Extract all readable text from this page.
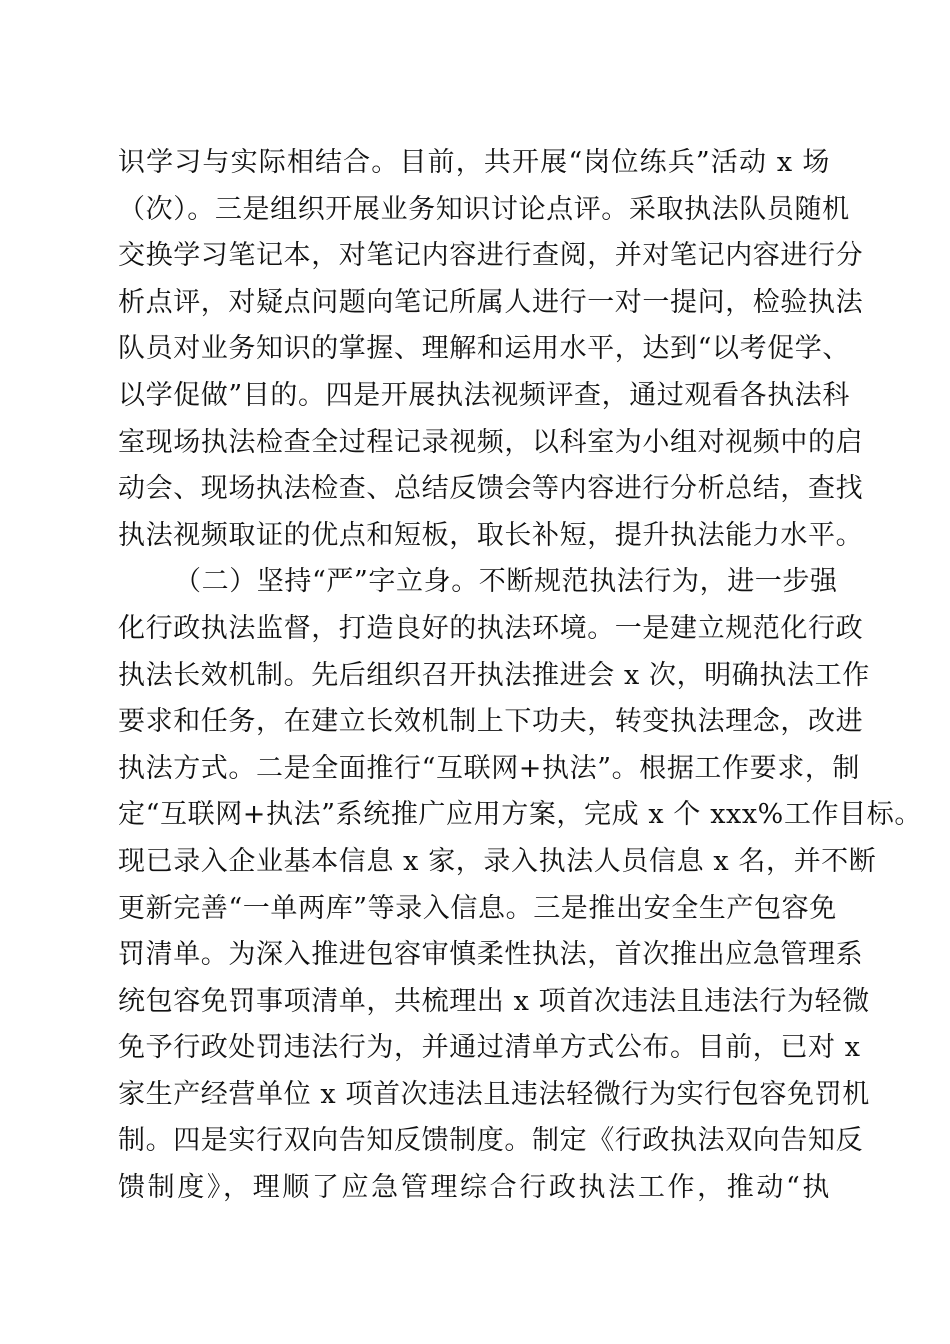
识学习与实际相结合。目前，共开展“岗位练兵”活动 x 场
（次）。三是组织开展业务知识讨论点评。采取执法队员随机
交换学习笔记本，对笔记内容进行查阅，并对笔记内容进行分
析点评，对疑点问题向笔记所属人进行一对一提问，检验执法
队员对业务知识的掌握、理解和运用水平，达到“以考促学、
以学促做”目的。四是开展执法视频评查，通过观看各执法科
室现场执法检查全过程记录视频，以科室为小组对视频中的启
动会、现场执法检查、总结反馈会等内容进行分析总结，查找
执法视频取证的优点和短板，取长补短，提升执法能力水平。
（二）坚持“严”字立身。不断规范执法行为，进一步强
化行政执法监督，打造良好的执法环境。一是建立规范化行政
执法长效机制。先后组织召开执法推进会 x 次，明确执法工作
要求和任务，在建立长效机制上下功夫，转变执法理念，改进
执法方式。二是全面推行“互联网+执法”。根据工作要求，制
定“互联网+执法”系统推广应用方案，完成 x 个 xxx%工作目标。
现已录入企业基本信息 x 家，录入执法人员信息 x 名，并不断
更新完善“一单两库”等录入信息。三是推出安全生产包容免
罚清单。为深入推进包容审慎柔性执法，首次推出应急管理系
统包容免罚事项清单，共梳理出 x 项首次违法且违法行为轻微
免予行政处罚违法行为，并通过清单方式公布。目前，已对 x
家生产经营单位 x 项首次违法且违法轻微行为实行包容免罚机
制。四是实行双向告知反馈制度。制定《行政执法双向告知反
馈制度》，理顺了应急管理综合行政执法工作，推动“执
